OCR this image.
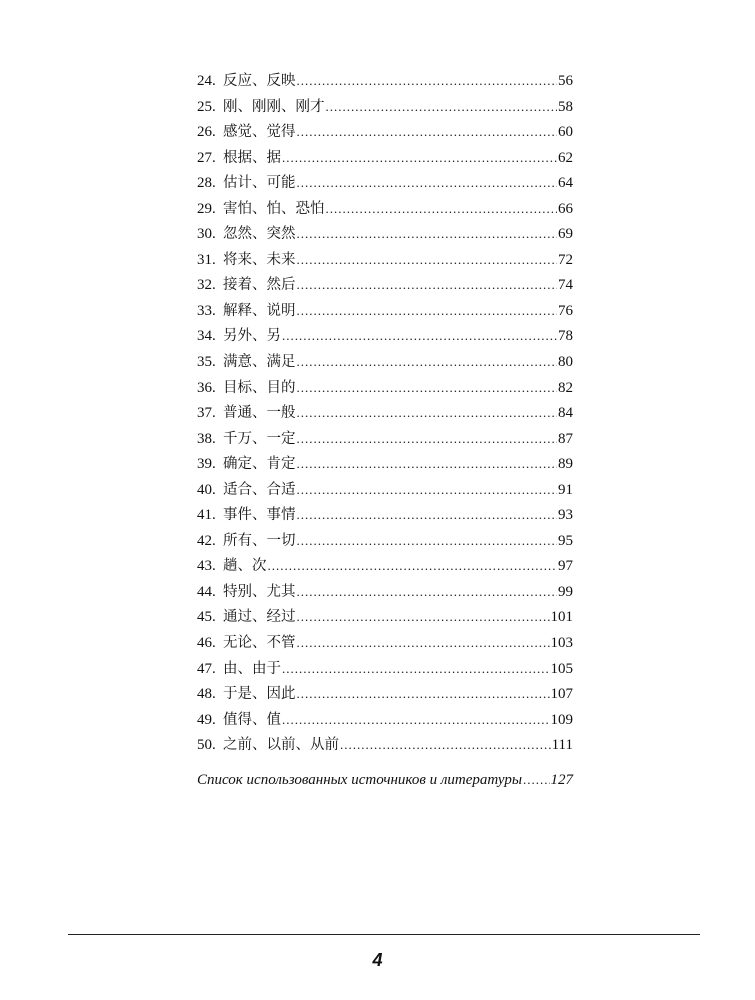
24. 反应、反映 .....	56
25. 刚、刚刚、刚才 .....	58
26. 感觉、觉得 .....	60
27. 根据、据 .....	62
28. 估计、可能 .....	64
29. 害怕、怕、恐怕 .....	66
30. 忽然、突然 .....	69
31. 将来、未来 .....	72
32. 接着、然后 .....	74
33. 解释、说明 .....	76
34. 另外、另 .....	78
35. 满意、满足 .....	80
36. 目标、目的 .....	82
37. 普通、一般 .....	84
38. 千万、一定 .....	87
39. 确定、肯定 .....	89
40. 适合、合适 .....	91
41. 事件、事情 .....	93
42. 所有、一切 .....	95
43. 趟、次 .....	97
44. 特别、尤其 .....	99
45. 通过、经过 .....	101
46. 无论、不管 .....	103
47. 由、由于 .....	105
48. 于是、因此 .....	107
49. 值得、值 .....	109
50. 之前、以前、从前 .....	111
Список использованных источников и литературы ..... 127
4
